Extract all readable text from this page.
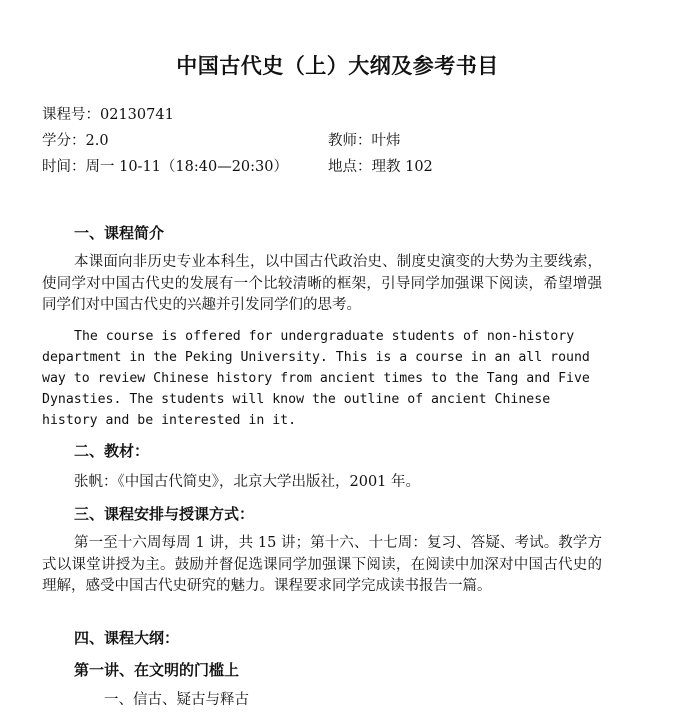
中国古代史（上）大纲及参考书目
课程号：02130741
学分：2.0	教师：叶炜
时间：周一 10-11（18:40—20:30）	地点：理教 102
一、课程简介
本课面向非历史专业本科生，以中国古代政治史、制度史演变的大势为主要线索，使同学对中国古代史的发展有一个比较清晰的框架，引导同学加强课下阅读，希望增强同学们对中国古代史的兴趣并引发同学们的思考。
The course is offered for undergraduate students of non-history department in the Peking University. This is a course in an all round way to review Chinese history from ancient times to the Tang and Five Dynasties. The students will know the outline of ancient Chinese history and be interested in it.
二、教材：
张帆：《中国古代简史》，北京大学出版社，2001 年。
三、课程安排与授课方式：
第一至十六周每周 1 讲，共 15 讲；第十六、十七周：复习、答疑、考试。教学方式以课堂讲授为主。鼓励并督促选课同学加强课下阅读，在阅读中加深对中国古代史的理解，感受中国古代史研究的魅力。课程要求同学完成读书报告一篇。
四、课程大纲：
第一讲、在文明的门槛上
一、信古、疑古与释古
